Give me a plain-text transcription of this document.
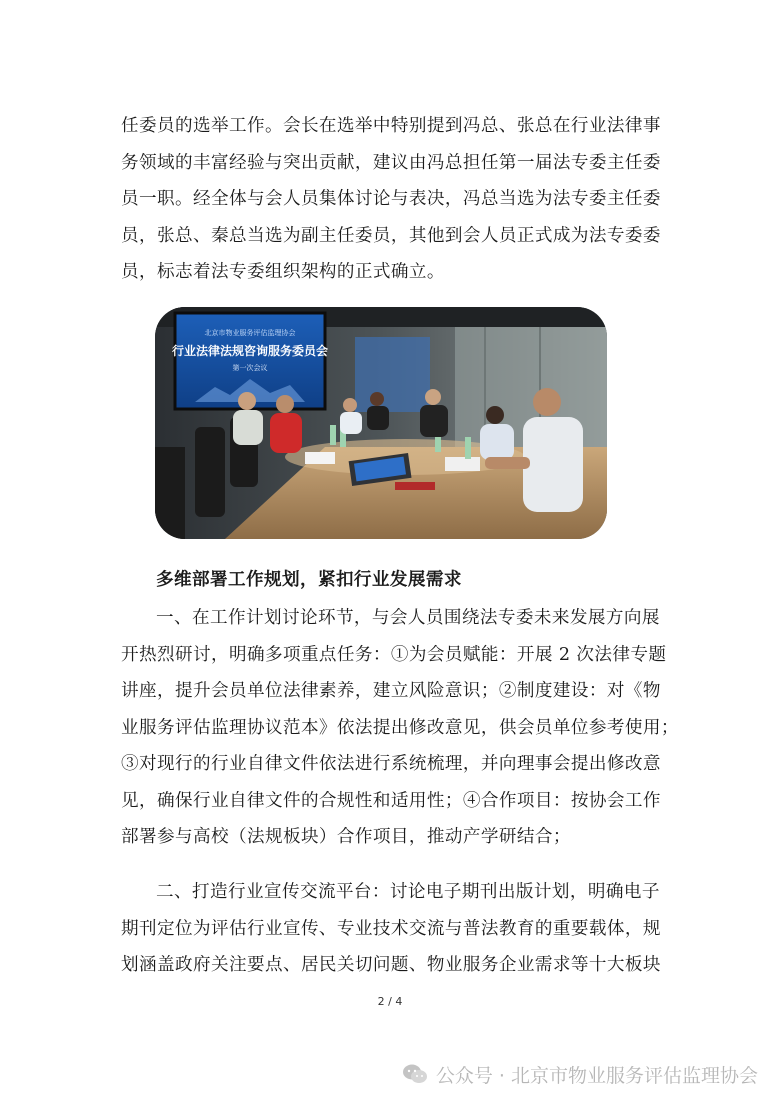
任委员的选举工作。会长在选举中特别提到冯总、张总在行业法律事
务领域的丰富经验与突出贡献，建议由冯总担任第一届法专委主任委
员一职。经全体与会人员集体讨论与表决，冯总当选为法专委主任委
员，张总、秦总当选为副主任委员，其他到会人员正式成为法专委委
员，标志着法专委组织架构的正式确立。
北京市物业服务评估监理协会
行业法律法规咨询服务委员会
第一次会议

多维部署工作规划，紧扣行业发展需求

一、在工作计划讨论环节，与会人员围绕法专委未来发展方向展
开热烈研讨，明确多项重点任务：①为会员赋能：开展 2 次法律专题
讲座，提升会员单位法律素养，建立风险意识；②制度建设：对《物
业服务评估监理协议范本》依法提出修改意见，供会员单位参考使用；
③对现行的行业自律文件依法进行系统梳理，并向理事会提出修改意
见，确保行业自律文件的合规性和适用性；④合作项目：按协会工作
部署参与高校（法规板块）合作项目，推动产学研结合；
二、打造行业宣传交流平台：讨论电子期刊出版计划，明确电子
期刊定位为评估行业宣传、专业技术交流与普法教育的重要载体，规
划涵盖政府关注要点、居民关切问题、物业服务企业需求等十大板块
2 / 4
公众号 · 北京市物业服务评估监理协会
